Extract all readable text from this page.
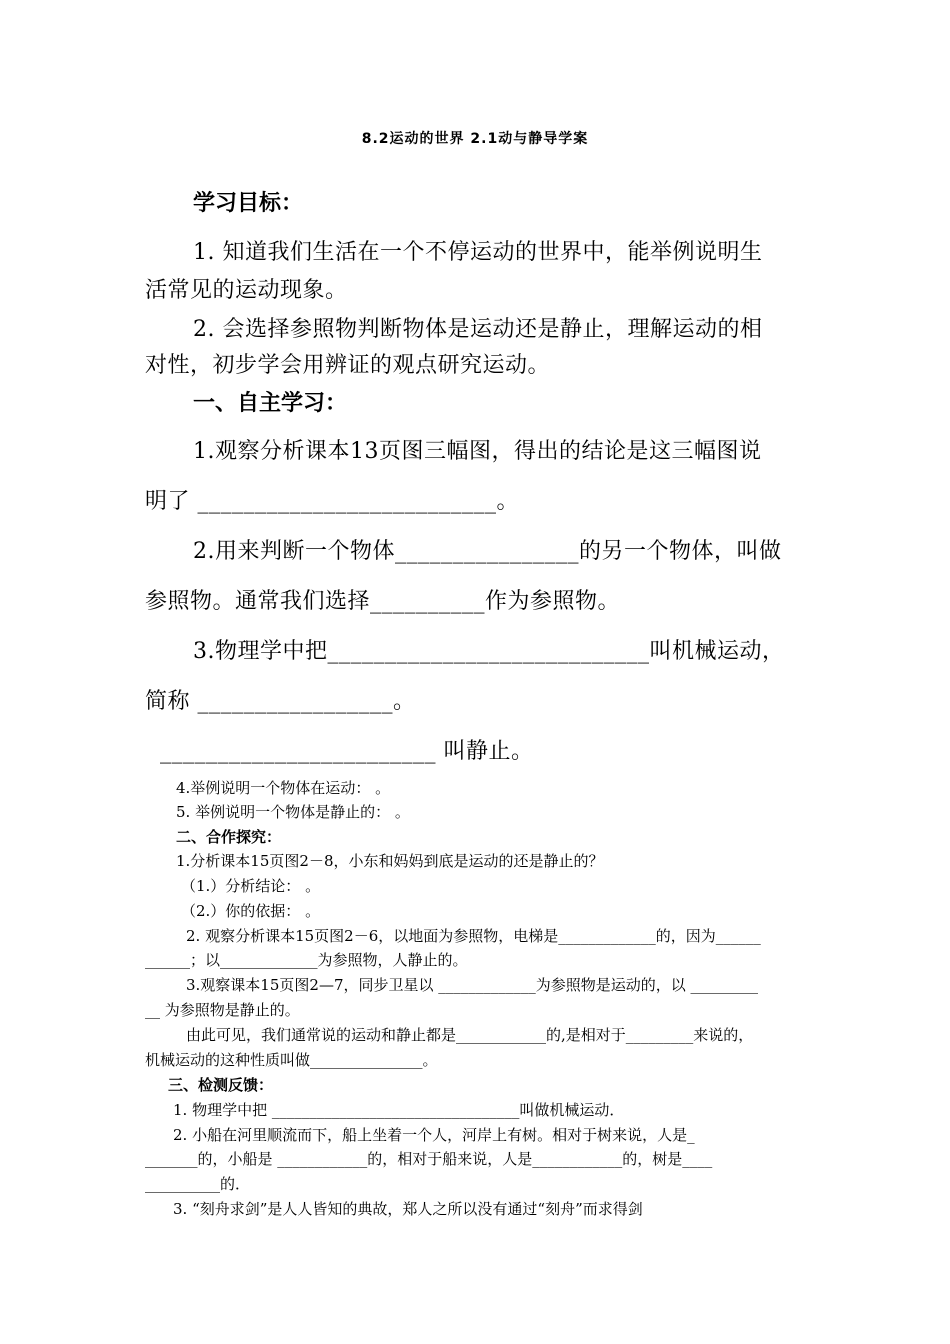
8.2运动的世界 2.1动与静导学案
学习目标：
1. 知道我们生活在一个不停运动的世界中，能举例说明生
活常见的运动现象。
2. 会选择参照物判断物体是运动还是静止，理解运动的相
对性，初步学会用辨证的观点研究运动。
一、自主学习：
1.观察分析课本13页图三幅图，得出的结论是这三幅图说
明了 __________________________。
2.用来判断一个物体________________的另一个物体，叫做
参照物。通常我们选择__________作为参照物。
3.物理学中把____________________________叫机械运动，
简称 _________________。
________________________ 叫静止。
4.举例说明一个物体在运动： 。
5. 举例说明一个物体是静止的： 。
二、合作探究：
1.分析课本15页图2－8，小东和妈妈到底是运动的还是静止的？
（1.）分析结论： 。
（2.）你的依据： 。
2. 观察分析课本15页图2－6，以地面为参照物，电梯是_____________的，因为______
______；以_____________为参照物，人静止的。
3.观察课本15页图2—7，同步卫星以 _____________为参照物是运动的，以 _________
__ 为参照物是静止的。
由此可见，我们通常说的运动和静止都是____________的,是相对于_________来说的，
机械运动的这种性质叫做_______________。
三、检测反馈：
1. 物理学中把 _________________________________叫做机械运动．
2. 小船在河里顺流而下，船上坐着一个人，河岸上有树。相对于树来说，人是_
_______的，小船是 ____________的，相对于船来说，人是____________的，树是____
__________的．
3. “刻舟求剑”是人人皆知的典故，郑人之所以没有通过“刻舟”而求得剑
